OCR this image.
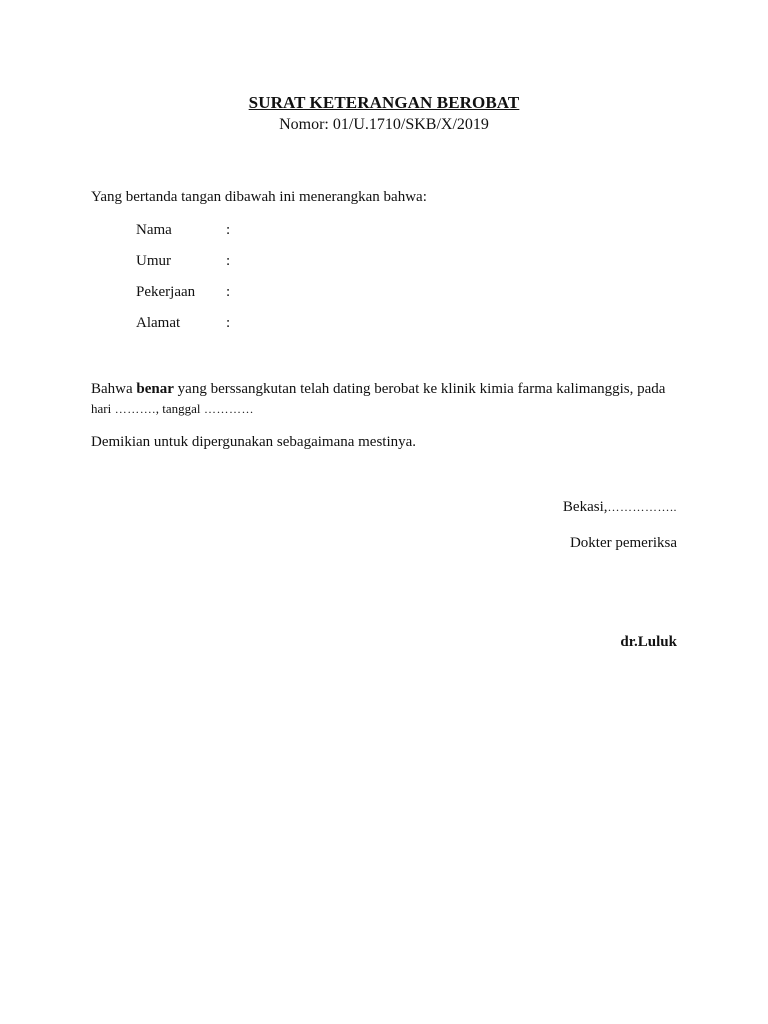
SURAT KETERANGAN BEROBAT
Nomor: 01/U.1710/SKB/X/2019
Yang bertanda tangan dibawah ini menerangkan bahwa:
Nama	:
Umur	:
Pekerjaan	:
Alamat	:
Bahwa benar yang berssangkutan telah dating berobat ke klinik kimia farma kalimanggis, pada
hari ………., tanggal …………
Demikian untuk dipergunakan sebagaimana mestinya.
Bekasi,……………..
Dokter pemeriksa
dr.Luluk
